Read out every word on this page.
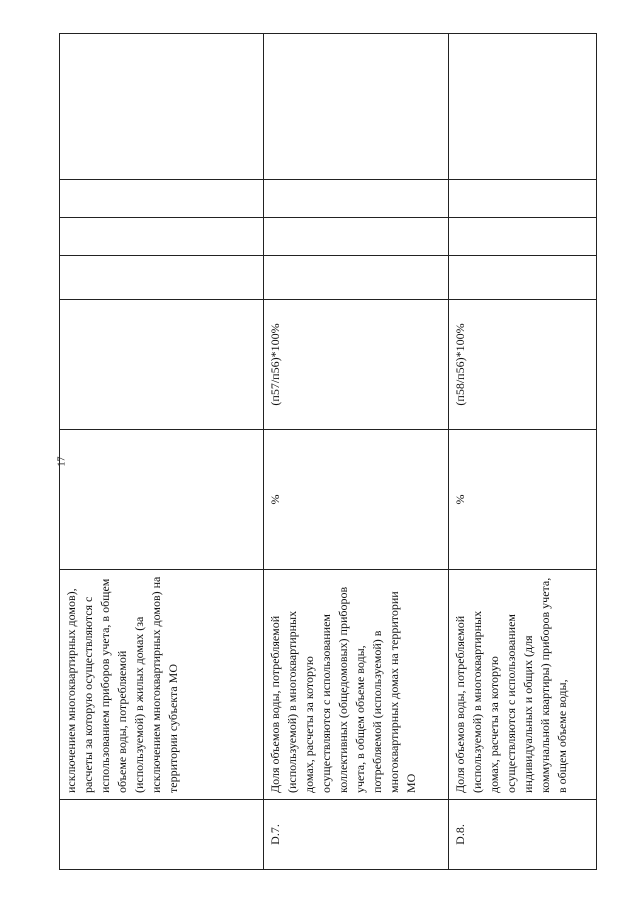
17
	исключением многоквартирных домов), расчеты за которую осуществляются с использованием приборов учета, в общем объеме воды, потребляемой (используемой) в жилых домах (за исключением многоквартирных домов) на территории субъекта МО						
D.7.	Доля объемов воды, потребляемой (используемой) в многоквартирных домах, расчеты за которую осуществляются с использованием коллективных (общедомовых) приборов учета, в общем объеме воды, потребляемой (используемой) в многоквартирных домах на территории МО	%	(п57/п56)*100%				
D.8.	Доля объемов воды, потребляемой (используемой) в многоквартирных домах, расчеты за которую осуществляются с использованием индивидуальных и общих (для коммунальной квартиры) приборов учета, в общем объеме воды,	%	(п58/п56)*100%				
